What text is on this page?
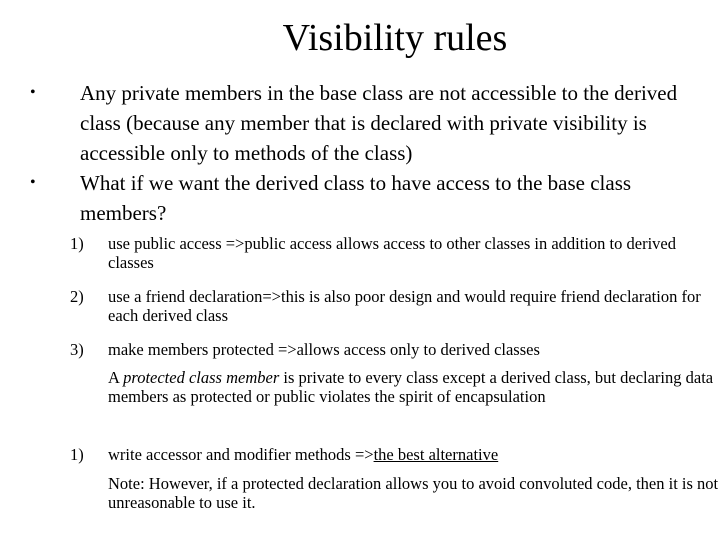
Visibility rules
• Any private members in the base class are not accessible to the derived class (because any member that is declared with private visibility is accessible only to methods of the class)
• What if we want the derived class to have access to the base class members?
1) use public access =>public access allows access to other classes in addition to derived classes
2) use a friend declaration=>this is also poor design and would require friend declaration for each derived class
3) make members protected =>allows access only to derived classes
A protected class member is private to every class except a derived class, but declaring data members as protected or public violates the spirit of encapsulation
1) write accessor and modifier methods =>the best alternative
Note: However, if a protected declaration allows you to avoid convoluted code, then it is not unreasonable to use it.
